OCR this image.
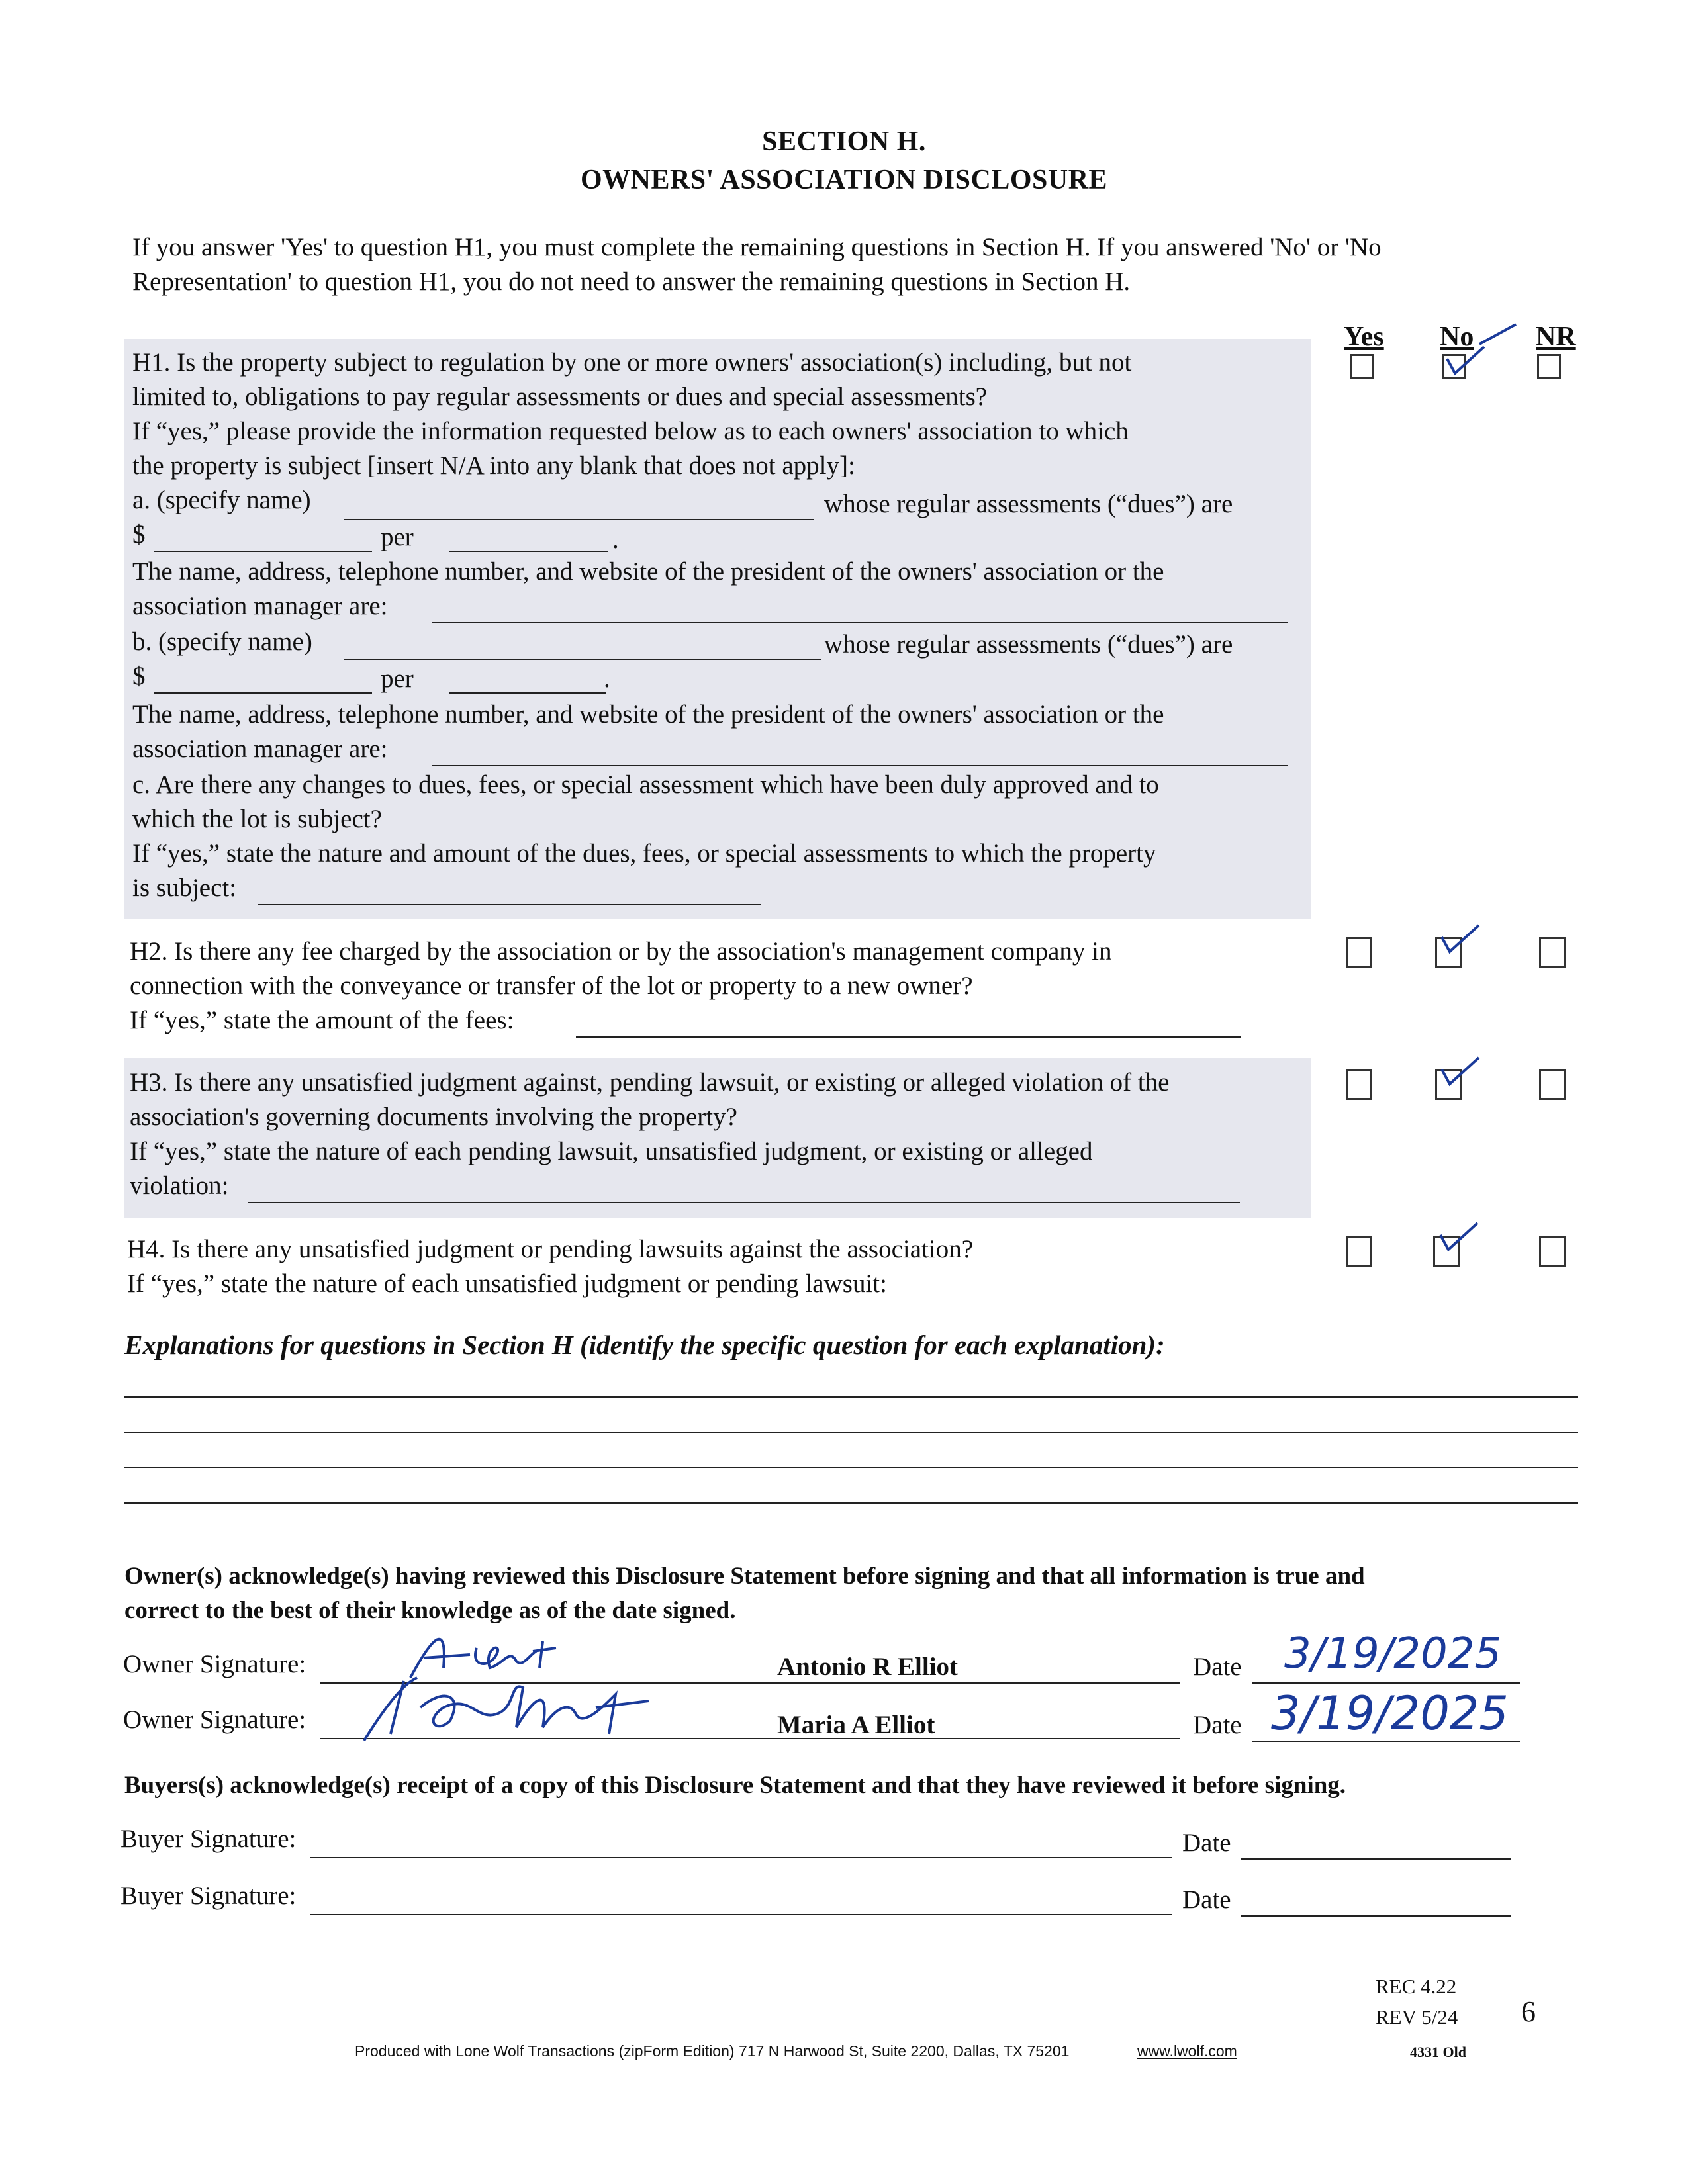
SECTION H.
OWNERS' ASSOCIATION DISCLOSURE
If you answer 'Yes' to question H1, you must complete the remaining questions in Section H. If you answered 'No' or 'No
Representation' to question H1, you do not need to answer the remaining questions in Section H.
Yes No NR
H1. Is the property subject to regulation by one or more owners' association(s) including, but not
limited to, obligations to pay regular assessments or dues and special assessments?
If “yes,” please provide the information requested below as to each owners' association to which
the property is subject [insert N/A into any blank that does not apply]:
a. (specify name)	whose regular assessments (“dues”) are
$	per	.
The name, address, telephone number, and website of the president of the owners' association or the
association manager are:
b. (specify name)	whose regular assessments (“dues”) are
$	per	.
The name, address, telephone number, and website of the president of the owners' association or the
association manager are:
c. Are there any changes to dues, fees, or special assessment which have been duly approved and to
which the lot is subject?
If “yes,” state the nature and amount of the dues, fees, or special assessments to which the property
is subject:
H2. Is there any fee charged by the association or by the association's management company in
connection with the conveyance or transfer of the lot or property to a new owner?
If “yes,” state the amount of the fees:
H3. Is there any unsatisfied judgment against, pending lawsuit, or existing or alleged violation of the
association's governing documents involving the property?
If “yes,” state the nature of each pending lawsuit, unsatisfied judgment, or existing or alleged
violation:
H4. Is there any unsatisfied judgment or pending lawsuits against the association?
If “yes,” state the nature of each unsatisfied judgment or pending lawsuit:
Explanations for questions in Section H (identify the specific question for each explanation):
Owner(s) acknowledge(s) having reviewed this Disclosure Statement before signing and that all information is true and
correct to the best of their knowledge as of the date signed.
Owner Signature:	Antonio R Elliot	Date 3/19/2025
Owner Signature:	Maria A Elliot	Date 3/19/2025
Buyers(s) acknowledge(s) receipt of a copy of this Disclosure Statement and that they have reviewed it before signing.
Buyer Signature:	Date
Buyer Signature:	Date
REC 4.22
REV 5/24 6
4331 Old
Produced with Lone Wolf Transactions (zipForm Edition) 717 N Harwood St, Suite 2200, Dallas, TX 75201	www.lwolf.com
